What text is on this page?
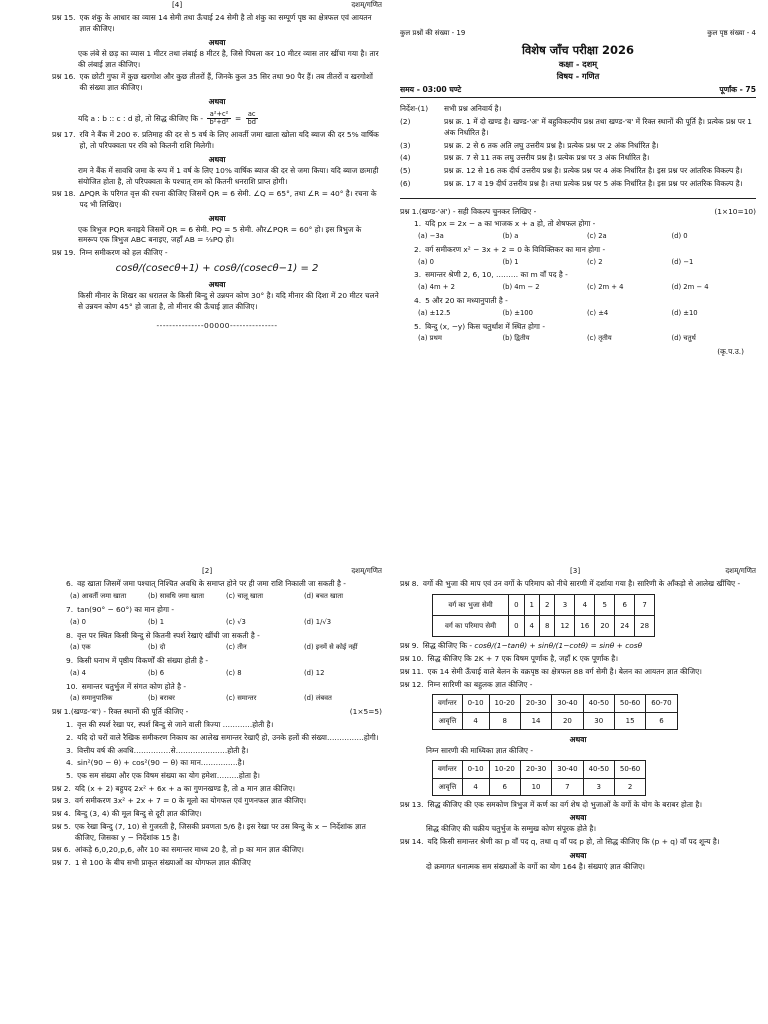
[4]	दशम्/गणित
प्रश्न 15. एक शंकु के आधार का व्यास 14 सेमी तथा ऊँचाई 24 सेमी है तो शंकु का सम्पूर्ण पृष्ठ का क्षेत्रफल एवं आयतन ज्ञात कीजिए।
अथवा
एक लंबे से छड़ का व्यास 1 मीटर तथा लंबाई 8 मीटर है, जिसे पिघला कर 10 मीटर व्यास तार खींचा गया है। तार की लंबाई ज्ञात कीजिए।
प्रश्न 16. एक छोटी गुफा में कुछ खरगोश और कुछ तीतरों हैं, जिनके कुल 35 सिर तथा 90 पैर हैं। तब तीतरों व खरगोशों की संख्या ज्ञात कीजिए।
अथवा
यदि a : b :: c : d हो, तो सिद्ध कीजिए कि - $\frac{\text{a²+c²}}{\text{b²+d²}} = \frac{ac}{bd}$
प्रश्न 17. रवि ने बैंक में 200 रु. प्रतिमाह की दर से 5 वर्ष के लिए आवर्ती जमा खाता खोला यदि ब्याज की दर 5% वार्षिक हो, तो परिपक्वता पर रवि को कितनी राशि मिलेगी।
अथवा
राम ने बैंक में सावधि जमा के रूप में 1 वर्ष के लिए 10% वार्षिक ब्याज की दर से जमा किया। यदि ब्याज छःमाही संयोजित होता है, तो परिपक्वता के पश्चात् राम को कितनी धनराशि प्राप्त होगी।
प्रश्न 18. ΔPQR के परिगत वृत्त की रचना कीजिए जिसमें QR = 6 सेमी. ∠Q = 65°, तथा ∠R = 40° है। रचना के पद भी लिखिए।
अथवा
एक त्रिभुज PQR बनाइये जिसमें QR = 6 सेमी. PQ = 5 सेमी. और∠PQR = 60° हो। इस त्रिभुज के समरूप एक त्रिभुज ABC बनाइए, जहाँ AB = ⅔PQ हो।
प्रश्न 19. निम्न समीकरण को हल कीजिए -
cosθ/(cosecθ+1) + cosθ/(cosecθ−1) = 2
अथवा
किसी मीनार के शिखर का धरातल के किसी बिन्दु से उन्नयन कोण 30° है। यदि मीनार की दिशा में 20 मीटर चलने से उन्नयन कोण 45° हो जाता है, तो मीनार की ऊँचाई ज्ञात कीजिए।
---------------00000---------------
कुल प्रश्नों की संख्या - 19	कुल पृष्ठ संख्या - 4
विशेष जाँच परीक्षा 2026
कक्षा - दशम्
विषय - गणित
समय - 03:00 घण्टे	पूर्णांक - 75
निर्देश-(1)	सभी प्रश्न अनिवार्य है।
(2)	प्रश्न क्र. 1 में दो खण्ड है। खण्ड-'अ' में बहुविकल्पीय प्रश्न तथा खण्ड-'ब' में रिक्त स्थानों की पूर्ति है। प्रत्येक प्रश्न पर 1 अंक निर्धारित है।
(3)	प्रश्न क्र. 2 से 6 तक अति लघु उत्तरीय प्रश्न है। प्रत्येक प्रश्न पर 2 अंक निर्धारित है।
(4)	प्रश्न क्र. 7 से 11 तक लघु उत्तरीय प्रश्न है। प्रत्येक प्रश्न पर 3 अंक निर्धारित है।
(5)	प्रश्न क्र. 12 से 16 तक दीर्घ उत्तरीय प्रश्न है। प्रत्येक प्रश्न पर 4 अंक निर्धारित है। इस प्रश्न पर आंतरिक विकल्प है।
(6)	प्रश्न क्र. 17 व 19 दीर्घ उत्तरीय प्रश्न है। तथा प्रत्येक प्रश्न पर 5 अंक निर्धारित है। इस प्रश्न पर आंतरिक विकल्प है।
प्रश्न 1.(खण्ड-'अ') - सही विकल्प चुनकर लिखिए -	(1×10=10)
1. यदि px = 2x − a का भाजक x + a हो, तो शेषफल होगा -
(a) −3a	(b) a	(c) 2a	(d) 0
2. वर्ग समीकरण x² − 3x + 2 = 0 के विविक्तिकर का मान होगा -
(a) 0	(b) 1	(c) 2	(d) −1
3. समान्तर श्रेणी 2, 6, 10, ……… का m वाँ पद है -
(a) 4m + 2	(b) 4m − 2	(c) 2m + 4	(d) 2m − 4
4. 5 और 20 का मध्यानुपाती है -
(a) ±12.5	(b) ±100	(c) ±4	(d) ±10
5. बिन्दु (x, −y) किस चतुर्थांश में स्थित होगा -
(a) प्रथम	(b) द्वितीय	(c) तृतीय	(d) चतुर्थ
(कृ.प.उ.)
[2]	दशम्/गणित
6. वह खाता जिसमें जमा पश्चात् निश्चित अवधि के समाप्त होने पर ही जमा राशि निकाली जा सकती है -
(a) आवर्ती जमा खाता	(b) सावधि जमा खाता	(c) चालू खाता	(d) बचत खाता
7. tan(90° − 60°) का मान होगा -
(a) 0	(b) 1	(c) √3	(d) 1/√3
8. वृत्त पर स्थित किसी बिन्दु से कितनी स्पर्श रेखाएं खींची जा सकती है -
(a) एक	(b) दो	(c) तीन	(d) इनमें से कोई नहीं
9. किसी घनाभ में पृष्ठीय विकर्णों की संख्या होती है -
(a) 4	(b) 6	(c) 8	(d) 12
10. समान्तर चतुर्भुज में संगत कोण होते है -
(a) समानुपातिक	(b) बराबर	(c) समान्तर	(d) लंबवत
प्रश्न 1.(खण्ड-'ब') - रिक्त स्थानों की पूर्ति कीजिए -	(1×5=5)
1. वृत्त की स्पर्श रेखा पर, स्पर्श बिन्दु से जाने वाली त्रिज्या …………होती है।
2. यदि दो चरों वाले रैखिक समीकरण निकाय का आलेख समान्तर रेखाएँ हो, उनके हलों की संख्या……………होगी।
3. वित्तीय वर्ष की अवधि……………से…………………होती है।
4. sin²(90 − θ) + cos²(90 − θ) का मान……………है।
5. एक सम संख्या और एक विषम संख्या का योग हमेशा………होता है।
प्रश्न 2. यदि (x + 2) बहुपद 2x² + 6x + a का गुणनखण्ड है, तो a मान ज्ञात कीजिए।
प्रश्न 3. वर्ग समीकरण 3x² + 2x + 7 = 0 के मूलो का योगफल एवं गुणनफल ज्ञात कीजिए।
प्रश्न 4. बिन्दु (3, 4) की मूल बिन्दु से दूरी ज्ञात कीजिए।
प्रश्न 5. एक रेखा बिन्दु (7, 10) से गुजरती है, जिसकी प्रवणता 5/6 है। इस रेखा पर उस बिन्दु के x − निर्देशांक ज्ञात कीजिए, जिसका y − निर्देशांक 15 है।
प्रश्न 6. आंकड़े 6,0,20,p,6, और 10 का समान्तर माध्य 20 है, तो p का मान ज्ञात कीजिए।
प्रश्न 7. 1 से 100 के बीच सभी प्राकृत संख्याओं का योगफल ज्ञात कीजिए
[3]	दशम्/गणित
प्रश्न 8. वर्गो की भुजा की माप एवं उन वर्गो के परिमाप को नीचे सारणी में दर्शाया गया है। सारिणी के आँकड़ो से आलेख खींचिए -
वर्ग का भुजा सेमी	0	1	2	3	4	5	6	7
वर्ग का परिमाप सेमी	0	4	8	12	16	20	24	28
प्रश्न 9. सिद्ध कीजिए कि - cosθ/(1−tanθ) + sinθ/(1−cotθ) = sinθ + cosθ
प्रश्न 10. सिद्ध कीजिए कि 2K + 7 एक विषम पूर्णांक है, जहाँ K एक पूर्णांक है।
प्रश्न 11. एक 14 सेमी ऊँचाई वाले बेलन के वक्रपृष्ठ का क्षेत्रफल 88 वर्ग सेमी है। बेलन का आयतन ज्ञात कीजिए।
प्रश्न 12. निम्न सारिणी का बहुलक ज्ञात कीजिए -
वर्गान्तर	0-10	10-20	20-30	30-40	40-50	50-60	60-70
आवृत्ति	4	8	14	20	30	15	6
अथवा
निम्न सारणी की माध्यिका ज्ञात कीजिए -
वर्गान्तर	0-10	10-20	20-30	30-40	40-50	50-60
आवृत्ति	4	6	10	7	3	2
प्रश्न 13. सिद्ध कीजिए की एक समकोण त्रिभुज में कर्ण का वर्ग शेष दो भुजाओं के वर्गो के योग के बराबर होता है।
अथवा
सिद्ध कीजिए की चक्रीय चतुर्भुज के सम्मुख कोण संपूरक होते है।
प्रश्न 14. यदि किसी समान्तर श्रेणी का p वाँ पद q, तथा q वाँ पद p हो, तो सिद्ध कीजिए कि (p + q) वाँ पद शून्य है।
अथवा
दो क्रमागत धनात्मक सम संख्याओं के वर्गो का योग 164 है। संख्याएं ज्ञात कीजिए।
